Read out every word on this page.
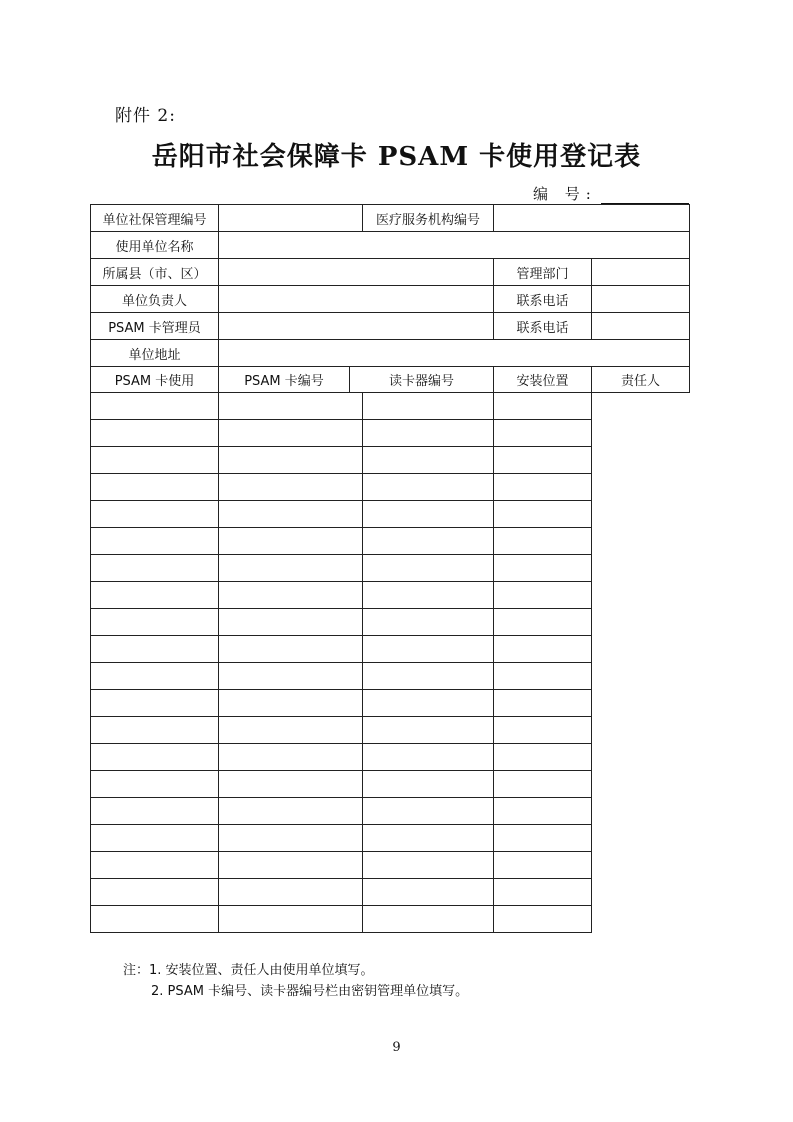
附件 2:
岳阳市社会保障卡 PSAM 卡使用登记表
编 号:
单位社保管理编号			医疗服务机构编号		
使用单位名称					
所属县（市、区）				管理部门	
单位负责人				联系电话	
PSAM 卡管理员				联系电话	
单位地址					
PSAM 卡使用	PSAM 卡编号	读卡器编号		安装位置	责任人

注：1. 安装位置、责任人由使用单位填写。
2. PSAM 卡编号、读卡器编号栏由密钥管理单位填写。
9
